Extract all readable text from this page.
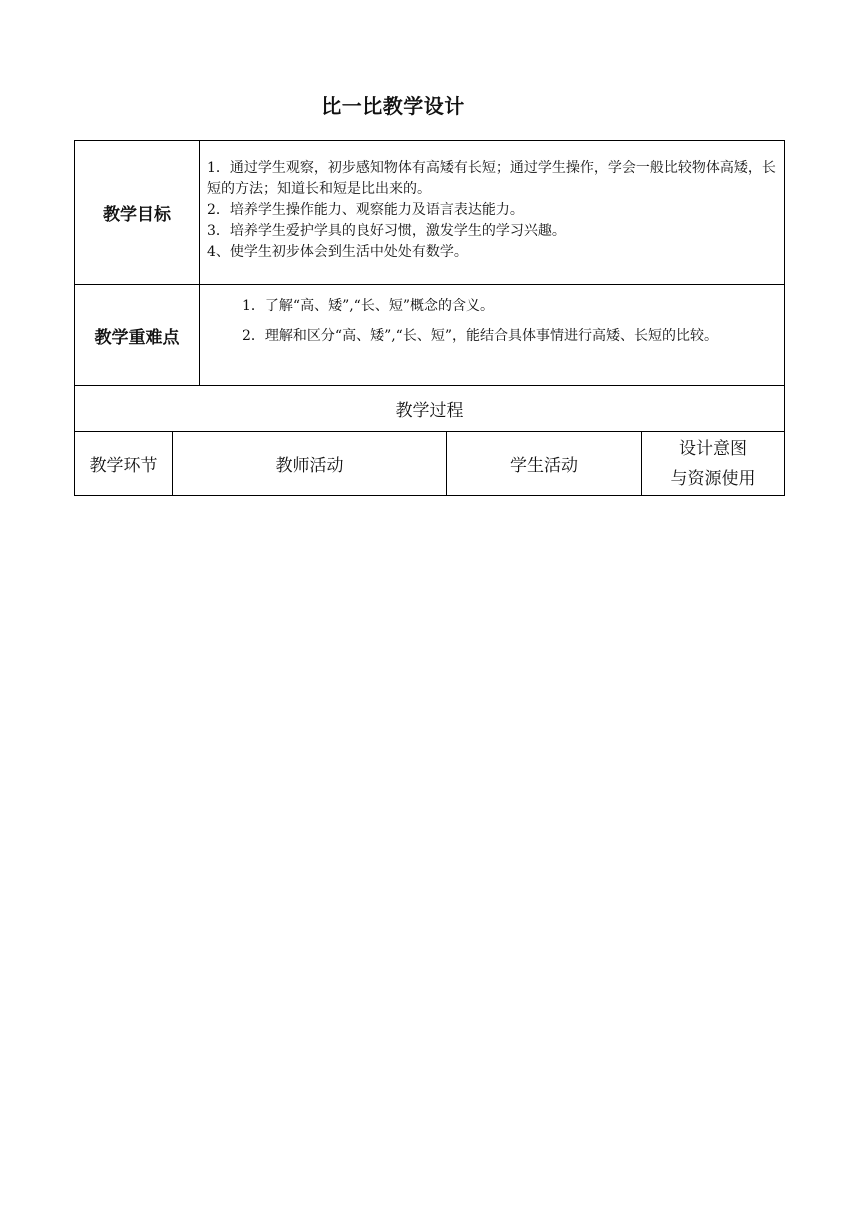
比一比教学设计
教学目标

1．通过学生观察，初步感知物体有高矮有长短；通过学生操作，学会一般比较物体高矮，长短的方法；知道长和短是比出来的。

2．培养学生操作能力、观察能力及语言表达能力。

3．培养学生爱护学具的良好习惯，激发学生的学习兴趣。

4、使学生初步体会到生活中处处有数学。

教学重难点

1．了解“高、矮”,“长、短”概念的含义。

2．理解和区分“高、矮”,“长、短”，能结合具体事情进行高矮、长短的比较。

教学过程
教学环节	教师活动	学生活动
设计意图
与资源使用
